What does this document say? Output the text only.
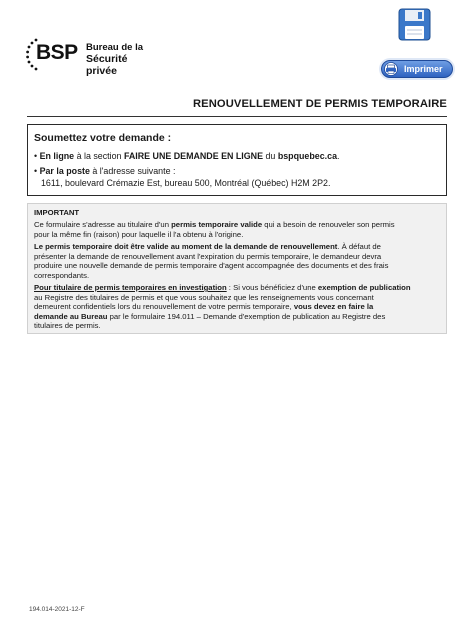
BSP Bureau de la
Sécurité privée	Imprimer
RENOUVELLEMENT DE PERMIS TEMPORAIRE
Soumettez votre demande :
• En ligne à la section FAIRE UNE DEMANDE EN LIGNE du bspquebec.ca.
• Par la poste à l'adresse suivante :
1611, boulevard Crémazie Est, bureau 500, Montréal (Québec) H2M 2P2.
IMPORTANT
Ce formulaire s'adresse au titulaire d'un permis temporaire valide qui a besoin de renouveler son permis
pour la même fin (raison) pour laquelle il l'a obtenu à l'origine.
Le permis temporaire doit être valide au moment de la demande de renouvellement. À défaut de
présenter la demande de renouvellement avant l'expiration du permis temporaire, le demandeur devra
produire une nouvelle demande de permis temporaire d'agent accompagnée des documents et des frais
correspondants.
Pour titulaire de permis temporaires en investigation : Si vous bénéficiez d'une exemption de publication
au Registre des titulaires de permis et que vous souhaitez que les renseignements vous concernant
demeurent confidentiels lors du renouvellement de votre permis temporaire, vous devez en faire la
demande au Bureau par le formulaire 194.011 – Demande d'exemption de publication au Registre des
titulaires de permis.
194.014-2021-12-F
